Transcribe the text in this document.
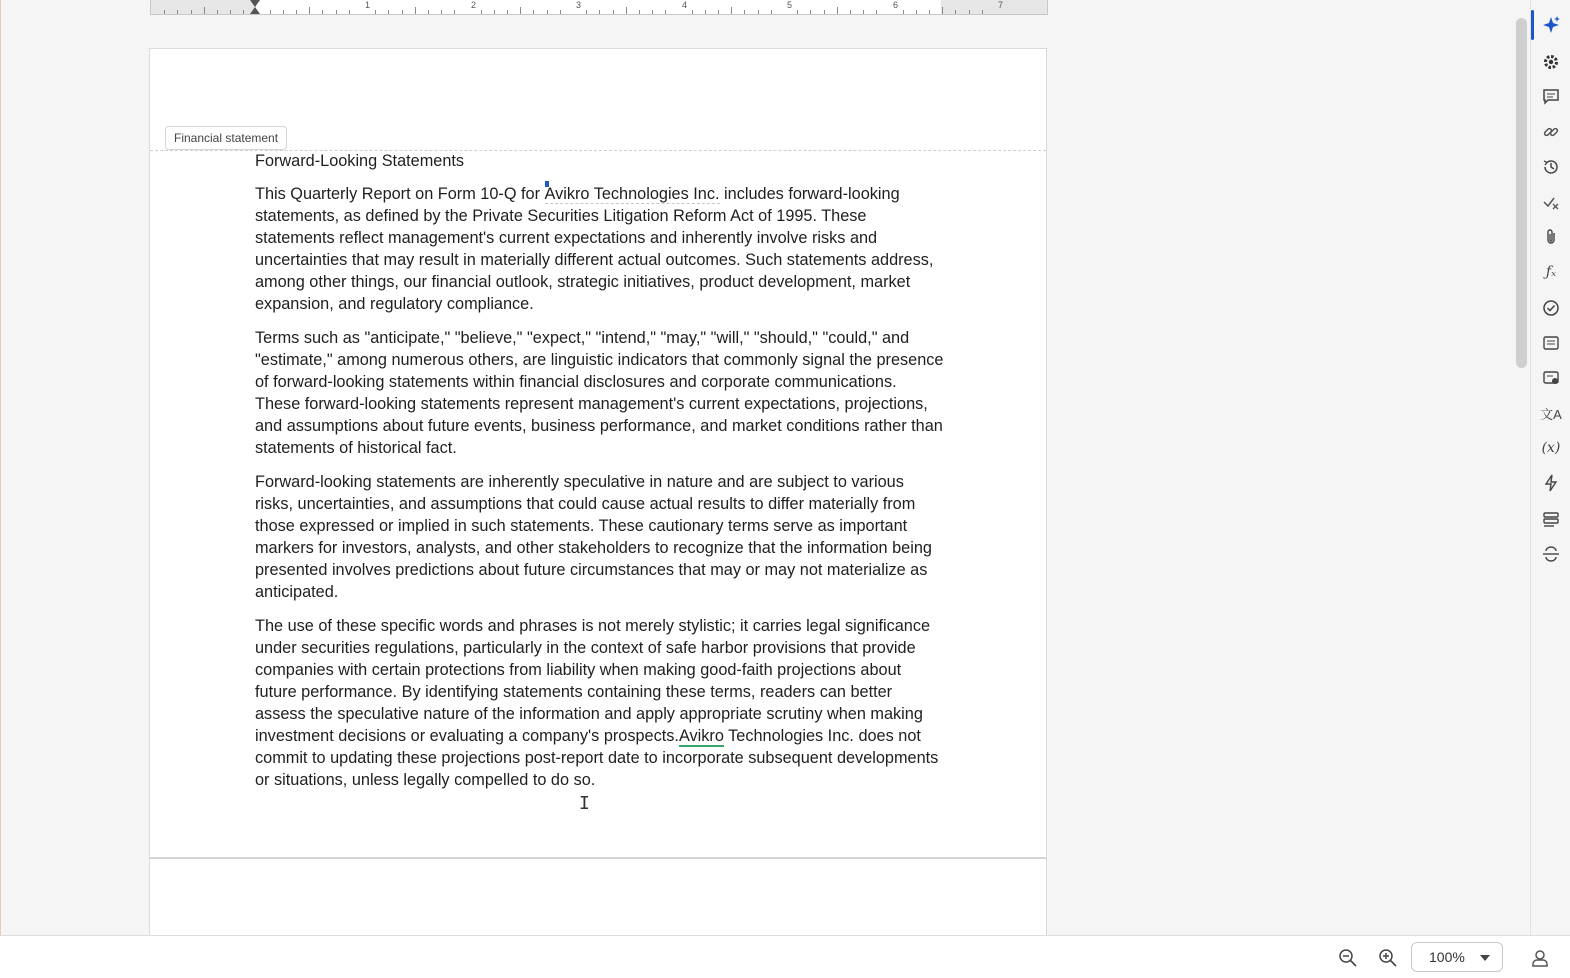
1	2	3	4	5	6	7
Financial statement

Forward-Looking Statements

This Quarterly Report on Form 10-Q for Avikro Technologies Inc. includes forward-looking statements, as defined by the Private Securities Litigation Reform Act of 1995. These statements reflect management's current expectations and inherently involve risks and uncertainties that may result in materially different actual outcomes. Such statements address, among other things, our financial outlook, strategic initiatives, product development, market expansion, and regulatory compliance.

Terms such as "anticipate," "believe," "expect," "intend," "may," "will," "should," "could," and "estimate," among numerous others, are linguistic indicators that commonly signal the presence of forward-looking statements within financial disclosures and corporate communications. These forward-looking statements represent management's current expectations, projections, and assumptions about future events, business performance, and market conditions rather than statements of historical fact.

Forward-looking statements are inherently speculative in nature and are subject to various risks, uncertainties, and assumptions that could cause actual results to differ materially from those expressed or implied in such statements. These cautionary terms serve as important markers for investors, analysts, and other stakeholders to recognize that the information being presented involves predictions about future circumstances that may or may not materialize as anticipated.

The use of these specific words and phrases is not merely stylistic; it carries legal significance under securities regulations, particularly in the context of safe harbor provisions that provide companies with certain protections from liability when making good-faith projections about future performance. By identifying statements containing these terms, readers can better assess the speculative nature of the information and apply appropriate scrutiny when making investment decisions or evaluating a company's prospects.Avikro Technologies Inc. does not commit to updating these projections post-report date to incorporate subsequent developments or situations, unless legally compelled to do so.

I
ƒₓ
文A
(x)
100%
